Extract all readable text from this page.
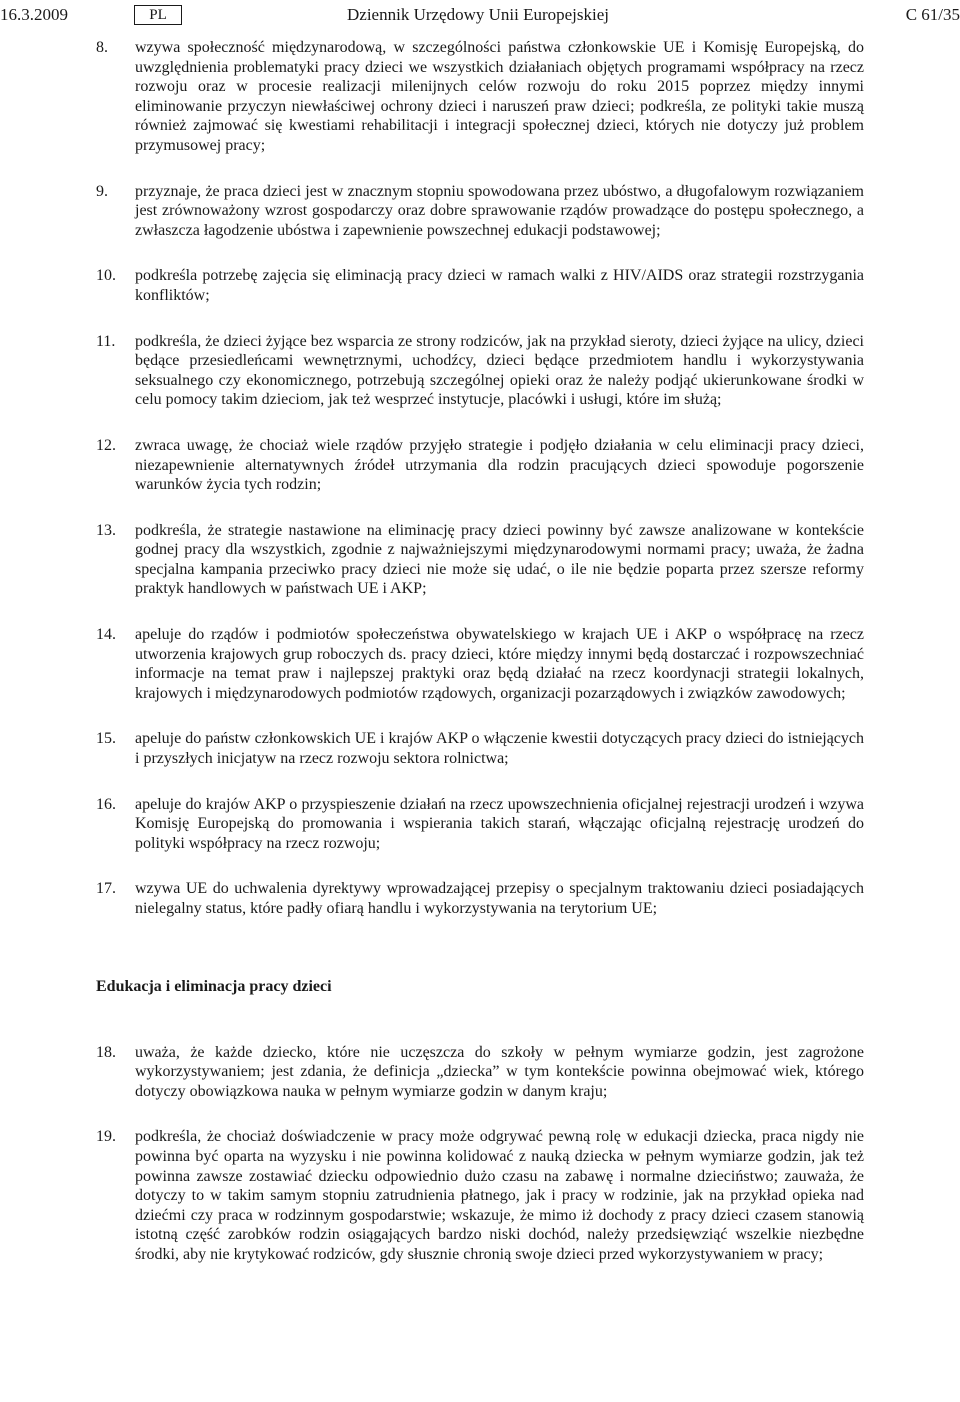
16.3.2009	PL	Dziennik Urzędowy Unii Europejskiej	C 61/35
8.	wzywa społeczność międzynarodową, w szczególności państwa członkowskie UE i Komisję Europejską, do uwzględnienia problematyki pracy dzieci we wszystkich działaniach objętych programami współpracy na rzecz rozwoju oraz w procesie realizacji milenijnych celów rozwoju do roku 2015 poprzez między innymi eliminowanie przyczyn niewłaściwej ochrony dzieci i naruszeń praw dzieci; podkreśla, ze polityki takie muszą również zajmować się kwestiami rehabilitacji i integracji społecznej dzieci, których nie dotyczy już problem przymusowej pracy;
9.	przyznaje, że praca dzieci jest w znacznym stopniu spowodowana przez ubóstwo, a długofalowym rozwiązaniem jest zrównoważony wzrost gospodarczy oraz dobre sprawowanie rządów prowadzące do postępu społecznego, a zwłaszcza łagodzenie ubóstwa i zapewnienie powszechnej edukacji podstawowej;
10.	podkreśla potrzebę zajęcia się eliminacją pracy dzieci w ramach walki z HIV/AIDS oraz strategii rozstrzygania konfliktów;
11.	podkreśla, że dzieci żyjące bez wsparcia ze strony rodziców, jak na przykład sieroty, dzieci żyjące na ulicy, dzieci będące przesiedleńcami wewnętrznymi, uchodźcy, dzieci będące przedmiotem handlu i wykorzystywania seksualnego czy ekonomicznego, potrzebują szczególnej opieki oraz że należy podjąć ukierunkowane środki w celu pomocy takim dzieciom, jak też wesprzeć instytucje, placówki i usługi, które im służą;
12.	zwraca uwagę, że chociaż wiele rządów przyjęło strategie i podjęło działania w celu eliminacji pracy dzieci, niezapewnienie alternatywnych źródeł utrzymania dla rodzin pracujących dzieci spowoduje pogorszenie warunków życia tych rodzin;
13.	podkreśla, że strategie nastawione na eliminację pracy dzieci powinny być zawsze analizowane w kontekście godnej pracy dla wszystkich, zgodnie z najważniejszymi międzynarodowymi normami pracy; uważa, że żadna specjalna kampania przeciwko pracy dzieci nie może się udać, o ile nie będzie poparta przez szersze reformy praktyk handlowych w państwach UE i AKP;
14.	apeluje do rządów i podmiotów społeczeństwa obywatelskiego w krajach UE i AKP o współpracę na rzecz utworzenia krajowych grup roboczych ds. pracy dzieci, które między innymi będą dostarczać i rozpowszechniać informacje na temat praw i najlepszej praktyki oraz będą działać na rzecz koordynacji strategii lokalnych, krajowych i międzynarodowych podmiotów rządowych, organizacji pozarządowych i związków zawodowych;
15.	apeluje do państw członkowskich UE i krajów AKP o włączenie kwestii dotyczących pracy dzieci do istniejących i przyszłych inicjatyw na rzecz rozwoju sektora rolnictwa;
16.	apeluje do krajów AKP o przyspieszenie działań na rzecz upowszechnienia oficjalnej rejestracji urodzeń i wzywa Komisję Europejską do promowania i wspierania takich starań, włączając oficjalną rejestrację urodzeń do polityki współpracy na rzecz rozwoju;
17.	wzywa UE do uchwalenia dyrektywy wprowadzającej przepisy o specjalnym traktowaniu dzieci posiadających nielegalny status, które padły ofiarą handlu i wykorzystywania na terytorium UE;
Edukacja i eliminacja pracy dzieci
18.	uważa, że każde dziecko, które nie uczęszcza do szkoły w pełnym wymiarze godzin, jest zagrożone wykorzystywaniem; jest zdania, że definicja „dziecka” w tym kontekście powinna obejmować wiek, którego dotyczy obowiązkowa nauka w pełnym wymiarze godzin w danym kraju;
19.	podkreśla, że chociaż doświadczenie w pracy może odgrywać pewną rolę w edukacji dziecka, praca nigdy nie powinna być oparta na wyzysku i nie powinna kolidować z nauką dziecka w pełnym wymiarze godzin, jak też powinna zawsze zostawiać dziecku odpowiednio dużo czasu na zabawę i normalne dzieciństwo; zauważa, że dotyczy to w takim samym stopniu zatrudnienia płatnego, jak i pracy w rodzinie, jak na przykład opieka nad dziećmi czy praca w rodzinnym gospodarstwie; wskazuje, że mimo iż dochody z pracy dzieci czasem stanowią istotną część zarobków rodzin osiągających bardzo niski dochód, należy przedsięwziąć wszelkie niezbędne środki, aby nie krytykować rodziców, gdy słusznie chronią swoje dzieci przed wykorzystywaniem w pracy;
